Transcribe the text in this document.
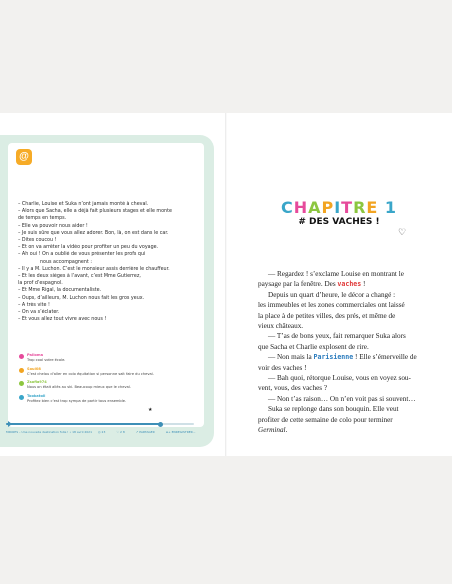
@
– Charlie, Louise et Suka n’ont jamais monté à cheval.
– Alors que Sacha, elle a déjà fait plusieurs stages et elle monte
de temps en temps.
– Elle va pouvoir nous aider !
– Je suis sûre que vous allez adorer. Bon, là, on est dans le car.
– Dites coucou !
– Et on va arrêter la vidéo pour profiter un peu du voyage.
– Ah oui ! On a oublié de vous présenter les profs qui
nous accompagnent :
– Il y a M. Luchon. C’est le monsieur assis derrière le chauffeur.
– Et les deux sièges à l’avant, c’est Mme Gutierrez,
la prof d’espagnol.
– Et Mme Rigal, la documentaliste.
– Oups, d’ailleurs, M. Luchon nous fait les gros yeux.
– À très vite !
– On va s’éclater.
– Et vous allez tout vivre avec nous !
Palloma
Trop cool votre école.
Soul08
C’est chelou d’aller en colo équitation si personne sait faire du cheval.
Zsofia974
Nous on était allés au ski. Beaucoup mieux que le cheval.
Tookatoll
Profitez bien c’est trop sympa de partir tous ensemble.
MIKKIES – Une nouvelle destination folle ! • 18 avril 2021 ◎ 23	♡ 2 8	↗ PARTAGER	≡+ ENREGISTRER...
CHAPITRE 1
# DES VACHES !
♡
— Regardez ! s’exclame Louise en montrant le
paysage par la fenêtre. Des vaches !
Depuis un quart d’heure, le décor a changé :
les immeubles et les zones commerciales ont laissé
la place à de petites villes, des prés, et même de
vieux châteaux.
— T’as de bons yeux, fait remarquer Suka alors
que Sacha et Charlie explosent de rire.
— Non mais la Parisienne ! Elle s’émerveille de
voir des vaches !
— Bah quoi, rétorque Louise, vous en voyez sou-
vent, vous, des vaches ?
— Non t’as raison… On n’en voit pas si souvent…
Suka se replonge dans son bouquin. Elle veut
profiter de cette semaine de colo pour terminer
Germinal.
★
